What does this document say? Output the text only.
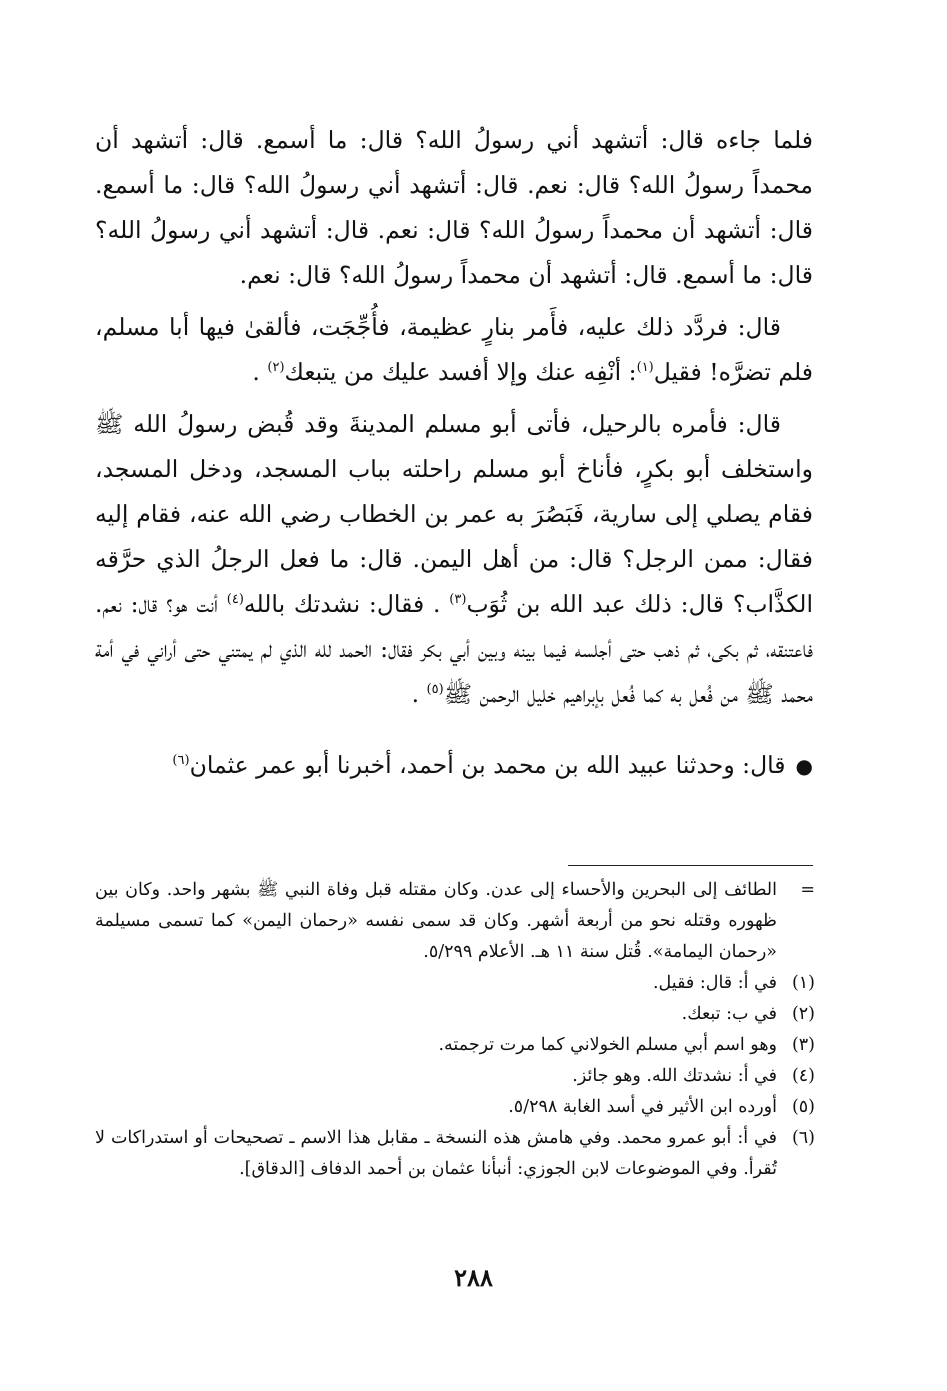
فلما جاءه قال: أتشهد أني رسولُ الله؟ قال: ما أسمع. قال: أتشهد أن محمداً رسولُ الله؟ قال: نعم. قال: أتشهد أني رسولُ الله؟ قال: ما أسمع. قال: أتشهد أن محمداً رسولُ الله؟ قال: نعم. قال: أتشهد أني رسولُ الله؟ قال: ما أسمع. قال: أتشهد أن محمداً رسولُ الله؟ قال: نعم.

قال: فردَّد ذلك عليه، فأَمر بنارٍ عظيمة، فأُجِّجَت، فألقىٰ فيها أبا مسلم، فلم تضرَّه! فقيل$^{(١)}$: أنْفِه عنك وإلا أفسد عليك من يتبعك$^{(٢)}$ .

قال: فأمره بالرحيل، فأتى أبو مسلم المدينةَ وقد قُبض رسولُ الله ﷺ واستخلف أبو بكرٍ، فأناخ أبو مسلم راحلته بباب المسجد، ودخل المسجد، فقام يصلي إلى سارية، فَبَصُرَ به عمر بن الخطاب رضي الله عنه، فقام إليه فقال: ممن الرجل؟ قال: من أهل اليمن. قال: ما فعل الرجلُ الذي حرَّقه الكذَّاب؟ قال: ذلك عبد الله بن ثُوَب$^{(٣)}$ . فقال: نشدتك بالله$^{(٤)}$ أنت هو؟ قال: نعم. فاعتنقه، ثم بكى، ثم ذهب حتى أجلسه فيما بينه وبين أبي بكر فقال: الحمد لله الذي لم يمتني حتى أراني في أمة محمد ﷺ من فُعل به كما فُعل بإبراهيم خليل الرحمن ﷺ$^{(٥)}$ .

●قال: وحدثنا عبيد الله بن محمد بن أحمد، أخبرنا أبو عمر عثمان$^{(٦)}$

=
الطائف إلى البحرين والأحساء إلى عدن. وكان مقتله قبل وفاة النبي ﷺ بشهر واحد. وكان بين ظهوره وقتله نحو من أربعة أشهر. وكان قد سمى نفسه «رحمان اليمن» كما تسمى مسيلمة «رحمان اليمامة». قُتل سنة ١١ هـ. الأعلام ٥/٢٩٩.
(١)
في أ: قال: فقيل.
(٢)
في ب: تبعك.
(٣)
وهو اسم أبي مسلم الخولاني كما مرت ترجمته.
(٤)
في أ: نشدتك الله. وهو جائز.
(٥)
أورده ابن الأثير في أسد الغابة ٥/٢٩٨.
(٦)
في أ: أبو عمرو محمد. وفي هامش هذه النسخة ـ مقابل هذا الاسم ـ تصحيحات أو استدراكات لا تُقرأ. وفي الموضوعات لابن الجوزي: أنبأنا عثمان بن أحمد الدفاف [الدقاق].
٢٨٨
